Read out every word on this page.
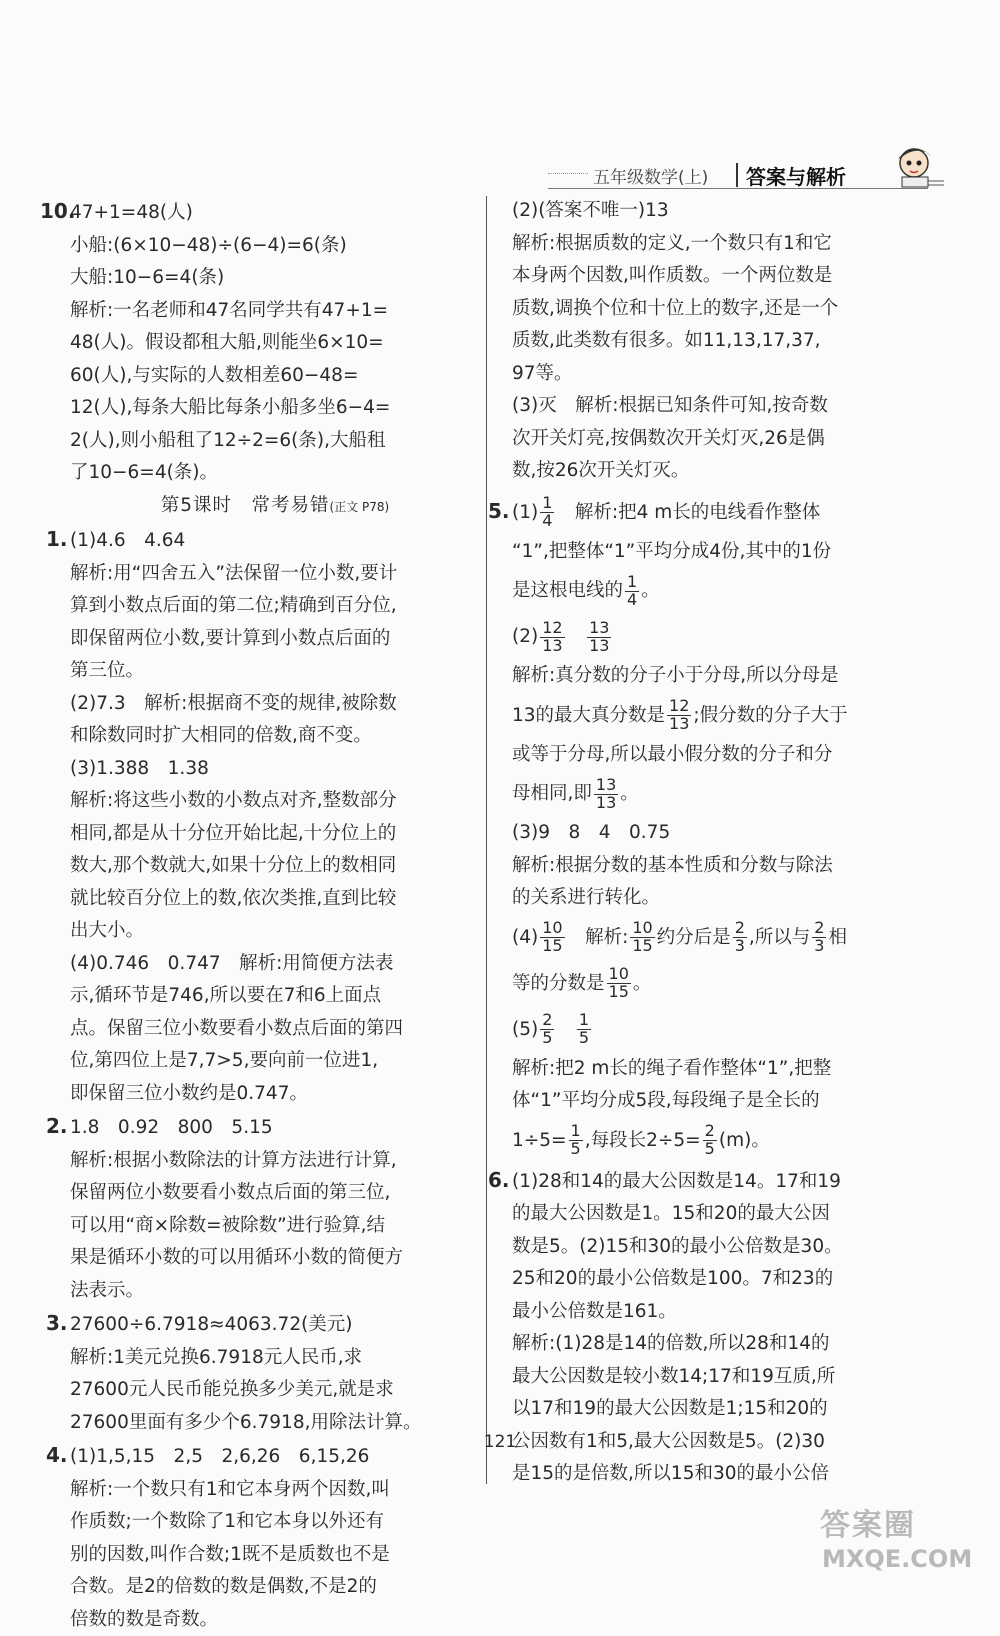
五年级数学(上) 答案与解析
10.47+1=48(人)
小船:(6×10−48)÷(6−4)=6(条)
大船:10−6=4(条)
解析:一名老师和47名同学共有47+1=
48(人)。假设都租大船,则能坐6×10=
60(人),与实际的人数相差60−48=
12(人),每条大船比每条小船多坐6−4=
2(人),则小船租了12÷2=6(条),大船租
了10−6=4(条)。
第5课时　常考易错(正文 P78)
1. (1)4.6　4.64
解析:用“四舍五入”法保留一位小数,要计
算到小数点后面的第二位;精确到百分位,
即保留两位小数,要计算到小数点后面的
第三位。
(2)7.3　解析:根据商不变的规律,被除数
和除数同时扩大相同的倍数,商不变。
(3)1.388　1.38
解析:将这些小数的小数点对齐,整数部分
相同,都是从十分位开始比起,十分位上的
数大,那个数就大,如果十分位上的数相同
就比较百分位上的数,依次类推,直到比较
出大小。
(4)0.746　0.747　解析:用简便方法表
示,循环节是746,所以要在7和6上面点
点。保留三位小数要看小数点后面的第四
位,第四位上是7,7>5,要向前一位进1,
即保留三位小数约是0.747。
2. 1.8　0.92　800　5.15
解析:根据小数除法的计算方法进行计算,
保留两位小数要看小数点后面的第三位,
可以用“商×除数=被除数”进行验算,结
果是循环小数的可以用循环小数的简便方
法表示。
3. 27600÷6.7918≈4063.72(美元)
解析:1美元兑换6.7918元人民币,求
27600元人民币能兑换多少美元,就是求
27600里面有多少个6.7918,用除法计算。
4. (1)1,5,15　2,5　2,6,26　6,15,26
解析:一个数只有1和它本身两个因数,叫
作质数;一个数除了1和它本身以外还有
别的因数,叫作合数;1既不是质数也不是
合数。是2的倍数的数是偶数,不是2的
倍数的数是奇数。
(2)(答案不唯一)13
解析:根据质数的定义,一个数只有1和它
本身两个因数,叫作质数。一个两位数是
质数,调换个位和十位上的数字,还是一个
质数,此类数有很多。如11,13,17,37,
97等。
(3)灭　解析:根据已知条件可知,按奇数
次开关灯亮,按偶数次开关灯灭,26是偶
数,按26次开关灯灭。
5. $(1) \frac{1}{4}$ 　解析:把4 m长的电线看作整体
“1”,把整体“1”平均分成4份,其中的1份
是这根电线的 $\frac{1}{4}$ 。
$(2) \frac{12}{13}$
　 $\frac{13}{13}$
解析:真分数的分子小于分母,所以分母是
13的最大真分数是 $\frac{12}{13}$ ;假分数的分子大于
或等于分母,所以最小假分数的分子和分
母相同,即 $\frac{13}{13}$ 。
(3)9　8　4　0.75
解析:根据分数的基本性质和分数与除法
的关系进行转化。
$(4) \frac{10}{15}$ 　解析: $\frac{10}{15}$ 约分后是 $\frac{2}{3}$ ,所以与 $\frac{2}{3}$ 相
等的分数是 $\frac{10}{15}$ 。
$(5) \frac{2}{5}$
　 $\frac{1}{5}$
解析:把2 m长的绳子看作整体“1”,把整
体“1”平均分成5段,每段绳子是全长的
$1\div 5= \frac{1}{5}$ ,每段长$2\div 5= \frac{2}{5} (m)$。
6. (1)28和14的最大公因数是14。17和19
的最大公因数是1。15和20的最大公因
数是5。(2)15和30的最小公倍数是30。
25和20的最小公倍数是100。7和23的
最小公倍数是161。
解析:(1)28是14的倍数,所以28和14的
最大公因数是较小数14;17和19互质,所
以17和19的最大公因数是1;15和20的
公因数有1和5,最大公因数是5。(2)30
是15的是倍数,所以15和30的最小公倍
121
答案圈
MXQE.COM
